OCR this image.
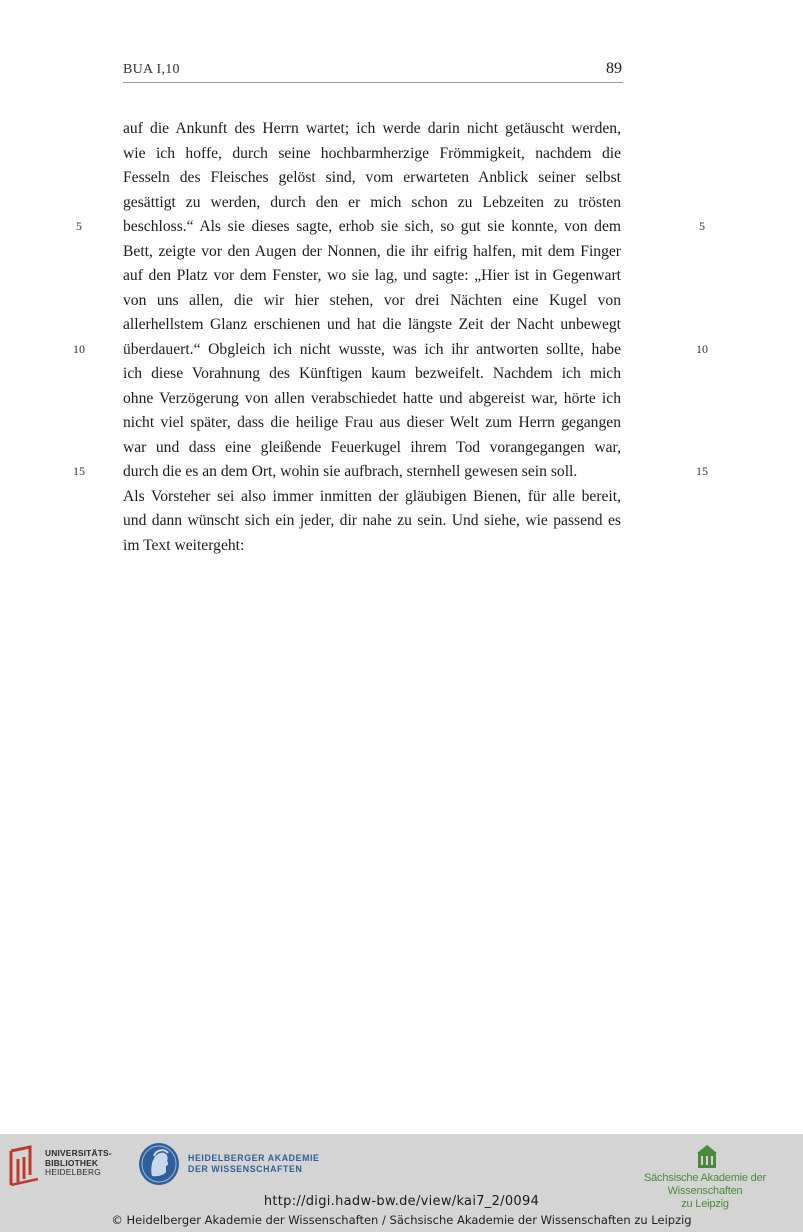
BUA I,10	89
auf die Ankunft des Herrn wartet; ich werde darin nicht getäuscht werden,
wie ich hoffe, durch seine hochbarmherzige Frömmigkeit, nachdem die
Fesseln des Fleisches gelöst sind, vom erwarteten Anblick seiner selbst
gesättigt zu werden, durch den er mich schon zu Lebzeiten zu trösten
beschloss.“ Als sie dieses sagte, erhob sie sich, so gut sie konnte, von dem
Bett, zeigte vor den Augen der Nonnen, die ihr eifrig halfen, mit dem Finger
auf den Platz vor dem Fenster, wo sie lag, und sagte: „Hier ist in Gegenwart
von uns allen, die wir hier stehen, vor drei Nächten eine Kugel von
allerhellstem Glanz erschienen und hat die längste Zeit der Nacht unbewegt
überdauert.“ Obgleich ich nicht wusste, was ich ihr antworten sollte, habe
ich diese Vorahnung des Künftigen kaum bezweifelt. Nachdem ich mich
ohne Verzögerung von allen verabschiedet hatte und abgereist war, hörte ich
nicht viel später, dass die heilige Frau aus dieser Welt zum Herrn gegangen
war und dass eine gleißende Feuerkugel ihrem Tod vorangegangen war,
durch die es an dem Ort, wohin sie aufbrach, sternhell gewesen sein soll.
Als Vorsteher sei also immer inmitten der gläubigen Bienen, für alle bereit,
und dann wünscht sich ein jeder, dir nahe zu sein. Und siehe, wie passend es
im Text weitergeht:
5	5
10	10
15	15
UNIVERSITÄTS-
BIBLIOTHEK
HEIDELBERG
HEIDELBERGER AKADEMIE
DER WISSENSCHAFTEN
Sächsische Akademie der Wissenschaften
zu Leipzig
http://digi.hadw-bw.de/view/kai7_2/0094
© Heidelberger Akademie der Wissenschaften / Sächsische Akademie der Wissenschaften zu Leipzig
